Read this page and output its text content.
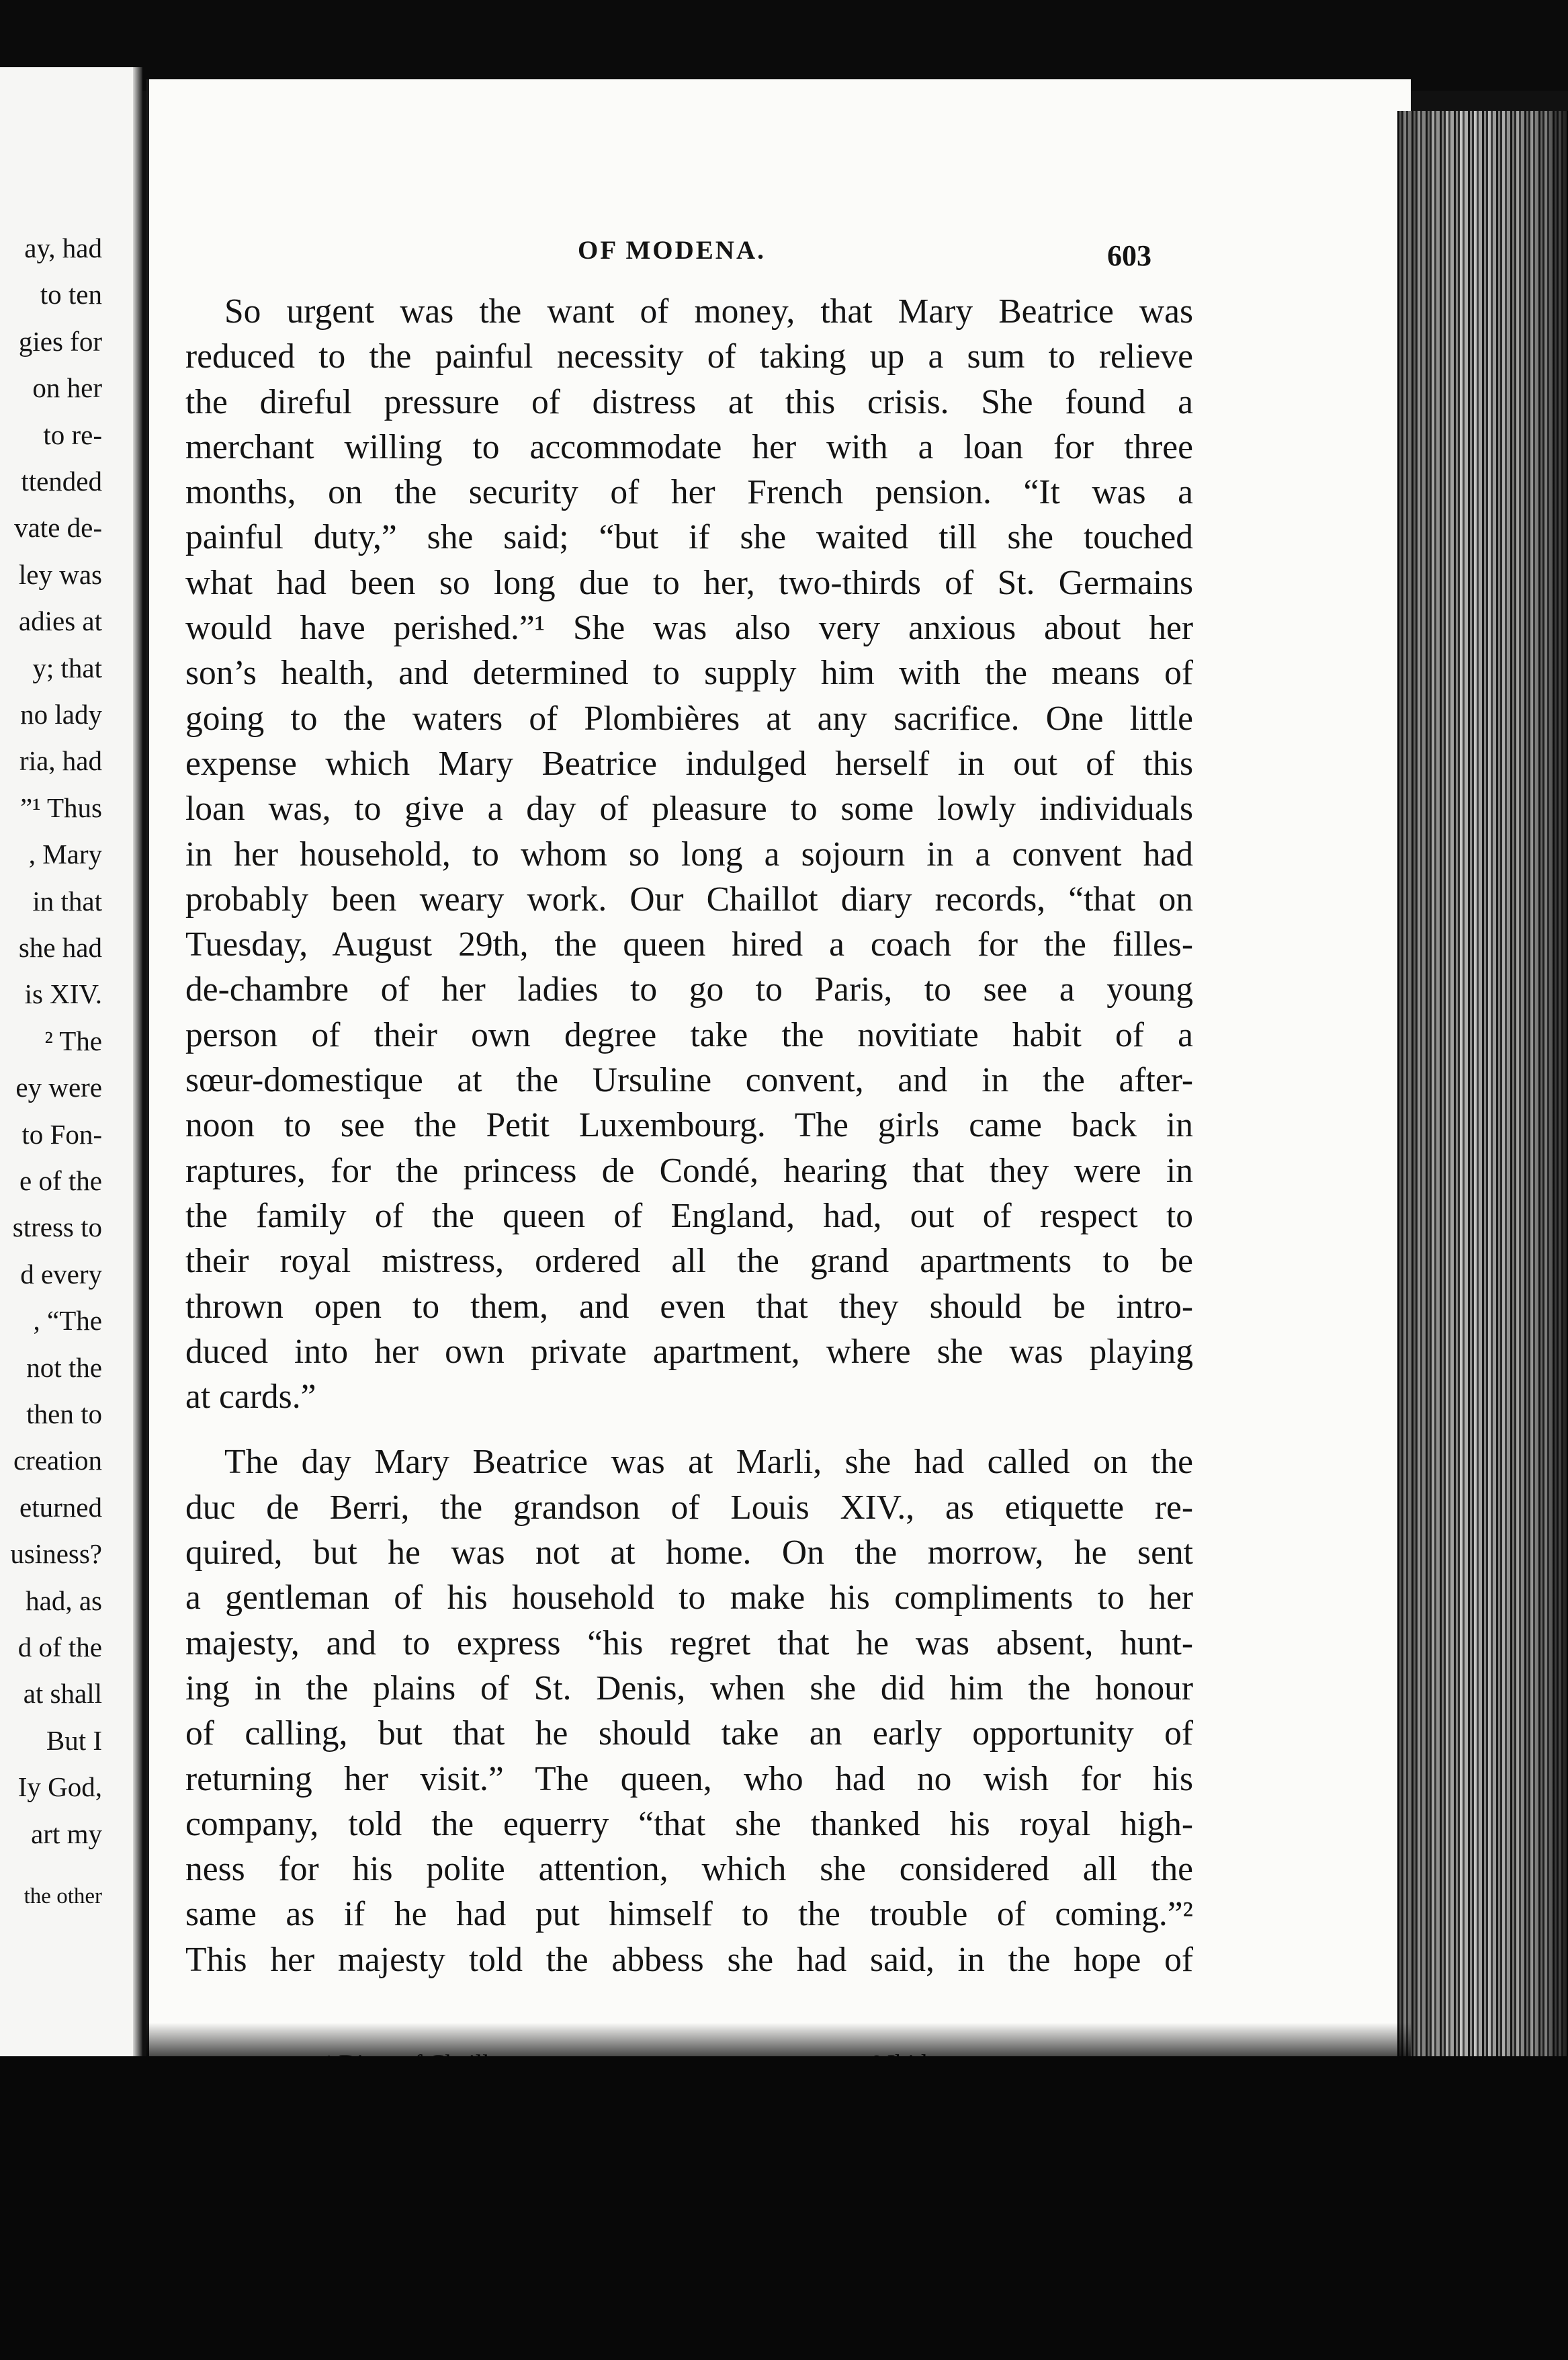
ay, had
to ten
gies for
on her
to re-
ttended
vate de-
ley was
adies at
y; that
no lady
ria, had
”¹ Thus
, Mary
in that
she had
is XIV.
² The
ey were
to Fon-
e of the
stress to
d every
, “The
not the
then to
creation
eturned
usiness?
had, as
d of the
at shall
But I
Iy God,
art my
the other
OF MODENA.	603
So urgent was the want of money, that Mary Beatrice was
reduced to the painful necessity of taking up a sum to relieve
the direful pressure of distress at this crisis. She found a
merchant willing to accommodate her with a loan for three
months, on the security of her French pension. “It was a
painful duty,” she said; “but if she waited till she touched
what had been so long due to her, two-thirds of St. Germains
would have perished.”¹ She was also very anxious about her
son’s health, and determined to supply him with the means of
going to the waters of Plombières at any sacrifice. One little
expense which Mary Beatrice indulged herself in out of this
loan was, to give a day of pleasure to some lowly individuals
in her household, to whom so long a sojourn in a convent had
probably been weary work. Our Chaillot diary records, “that on
Tuesday, August 29th, the queen hired a coach for the filles-
de-chambre of her ladies to go to Paris, to see a young
person of their own degree take the novitiate habit of a
sœur-domestique at the Ursuline convent, and in the after-
noon to see the Petit Luxembourg. The girls came back in
raptures, for the princess de Condé, hearing that they were in
the family of the queen of England, had, out of respect to
their royal mistress, ordered all the grand apartments to be
thrown open to them, and even that they should be intro-
duced into her own private apartment, where she was playing
at cards.”
The day Mary Beatrice was at Marli, she had called on the
duc de Berri, the grandson of Louis XIV., as etiquette re-
quired, but he was not at home. On the morrow, he sent
a gentleman of his household to make his compliments to her
majesty, and to express “his regret that he was absent, hunt-
ing in the plains of St. Denis, when she did him the honour
of calling, but that he should take an early opportunity of
returning her visit.” The queen, who had no wish for his
company, told the equerry “that she thanked his royal high-
ness for his polite attention, which she considered all the
same as if he had put himself to the trouble of coming.”²
This her majesty told the abbess she had said, in the hope of
